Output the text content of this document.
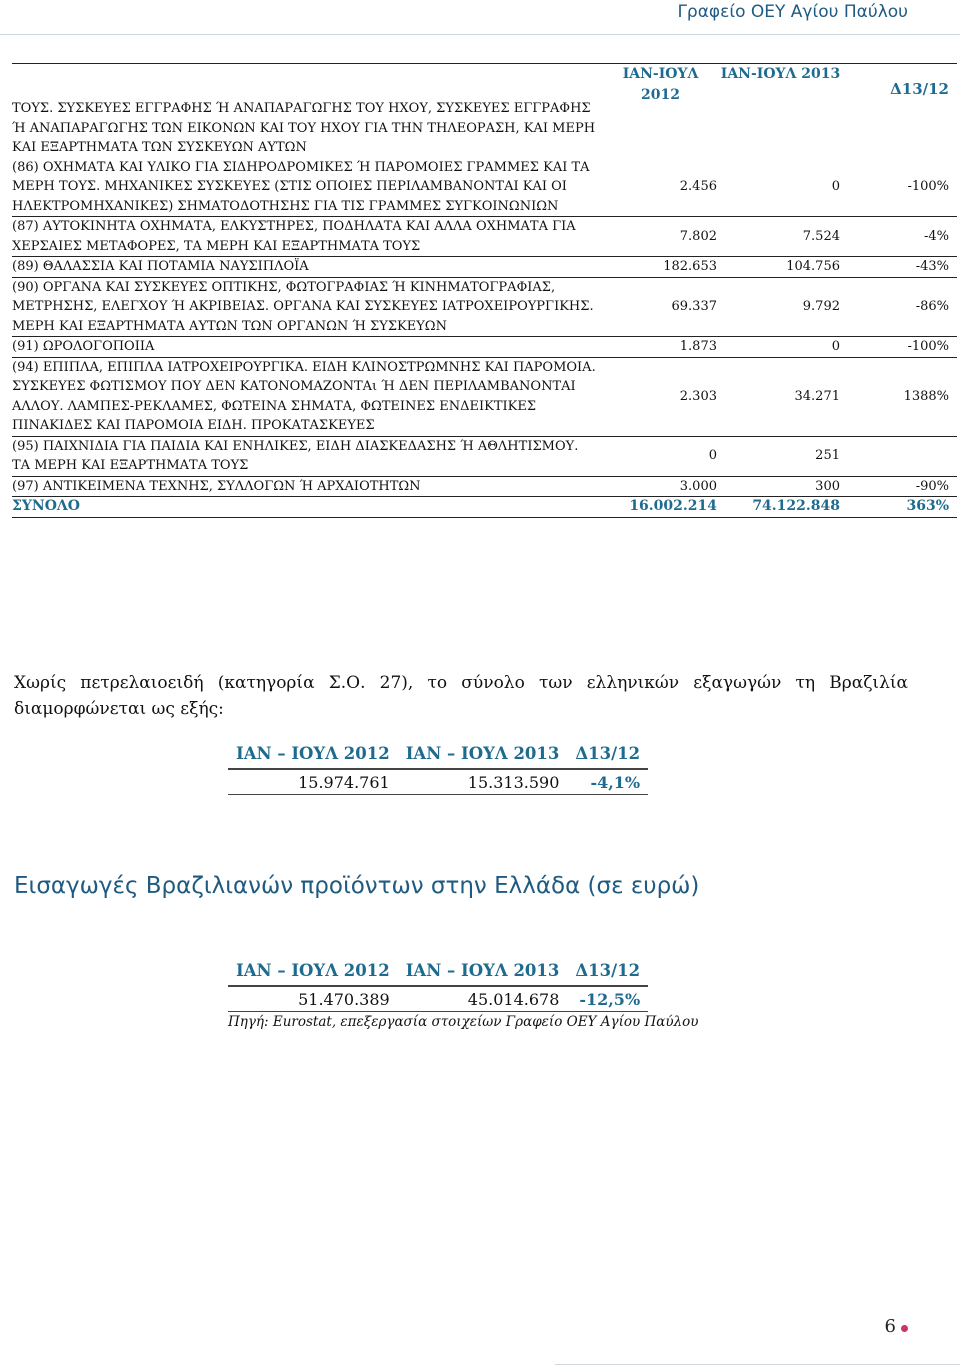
Γραφείο ΟΕΥ Αγίου Παύλου
ΤΟΥΣ. ΣΥΣΚΕΥΕΣ ΕΓΓΡΑΦΗΣ Ή ΑΝΑΠΑΡΑΓΩΓΗΣ ΤΟΥ ΗΧΟΥ, ΣΥΣΚΕΥΕΣ ΕΓΓΡΑΦΗΣ Ή ΑΝΑΠΑΡΑΓΩΓΗΣ ΤΩΝ ΕΙΚΟΝΩΝ ΚΑΙ ΤΟΥ ΗΧΟΥ ΓΙΑ ΤΗΝ ΤΗΛΕΟΡΑΣΗ, ΚΑΙ ΜΕΡΗ ΚΑΙ ΕΞΑΡΤΗΜΑΤΑ ΤΩΝ ΣΥΣΚΕΥΩΝ ΑΥΤΩΝ	ΙΑΝ-ΙΟΥΛ 2012	ΙΑΝ-ΙΟΥΛ 2013	Δ13/12
(86) ΟΧΗΜΑΤΑ ΚΑΙ ΥΛΙΚΟ ΓΙΑ ΣΙΔΗΡΟΔΡΟΜΙΚΕΣ Ή ΠΑΡΟΜΟΙΕΣ ΓΡΑΜΜΕΣ ΚΑΙ ΤΑ ΜΕΡΗ ΤΟΥΣ. ΜΗΧΑΝΙΚΕΣ ΣΥΣΚΕΥΕΣ (ΣΤΙΣ ΟΠΟΙΕΣ ΠΕΡΙΛΑΜΒΑΝΟΝΤΑΙ ΚΑΙ ΟΙ ΗΛΕΚΤΡΟΜΗΧΑΝΙΚΕΣ) ΣΗΜΑΤΟΔΟΤΗΣΗΣ ΓΙΑ ΤΙΣ ΓΡΑΜΜΕΣ ΣΥΓΚΟΙΝΩΝΙΩΝ	2.456	0	-100%
(87) ΑΥΤΟΚΙΝΗΤΑ ΟΧΗΜΑΤΑ, ΕΛΚΥΣΤΗΡΕΣ, ΠΟΔΗΛΑΤΑ ΚΑΙ ΑΛΛΑ ΟΧΗΜΑΤΑ ΓΙΑ ΧΕΡΣΑΙΕΣ ΜΕΤΑΦΟΡΕΣ, ΤΑ ΜΕΡΗ ΚΑΙ ΕΞΑΡΤΗΜΑΤΑ ΤΟΥΣ	7.802	7.524	-4%
(89) ΘΑΛΑΣΣΙΑ ΚΑΙ ΠΟΤΑΜΙΑ ΝΑΥΣΙΠΛΟΪΑ	182.653	104.756	-43%
(90) ΟΡΓΑΝΑ ΚΑΙ ΣΥΣΚΕΥΕΣ ΟΠΤΙΚΗΣ, ΦΩΤΟΓΡΑΦΙΑΣ Ή ΚΙΝΗΜΑΤΟΓΡΑΦΙΑΣ, ΜΕΤΡΗΣΗΣ, ΕΛΕΓΧΟΥ Ή ΑΚΡΙΒΕΙΑΣ. ΟΡΓΑΝΑ ΚΑΙ ΣΥΣΚΕΥΕΣ ΙΑΤΡΟΧΕΙΡΟΥΡΓΙΚΗΣ. ΜΕΡΗ ΚΑΙ ΕΞΑΡΤΗΜΑΤΑ ΑΥΤΩΝ ΤΩΝ ΟΡΓΑΝΩΝ Ή ΣΥΣΚΕΥΩΝ	69.337	9.792	-86%
(91) ΩΡΟΛΟΓΟΠΟΙΙΑ	1.873	0	-100%
(94) ΕΠΙΠΛΑ, ΕΠΙΠΛΑ ΙΑΤΡΟΧΕΙΡΟΥΡΓΙΚΑ. ΕΙΔΗ ΚΛΙΝΟΣΤΡΩΜΝΗΣ ΚΑΙ ΠΑΡΟΜΟΙΑ. ΣΥΣΚΕΥΕΣ ΦΩΤΙΣΜΟΥ ΠΟΥ ΔΕΝ ΚΑΤΟΝΟΜΑΖΟΝΤΑι Ή ΔΕΝ ΠΕΡΙΛΑΜΒΑΝΟΝΤΑΙ ΑΛΛΟΥ. ΛΑΜΠΕΣ-ΡΕΚΛΑΜΕΣ, ΦΩΤΕΙΝΑ ΣΗΜΑΤΑ, ΦΩΤΕΙΝΕΣ ΕΝΔΕΙΚΤΙΚΕΣ ΠΙΝΑΚΙΔΕΣ ΚΑΙ ΠΑΡΟΜΟΙΑ ΕΙΔΗ. ΠΡΟΚΑΤΑΣΚΕΥΕΣ	2.303	34.271	1388%
(95) ΠΑΙΧΝΙΔΙΑ ΓΙΑ ΠΑΙΔΙΑ ΚΑΙ ΕΝΗΛΙΚΕΣ, ΕΙΔΗ ΔΙΑΣΚΕΔΑΣΗΣ Ή ΑΘΛΗΤΙΣΜΟΥ. ΤΑ ΜΕΡΗ ΚΑΙ ΕΞΑΡΤΗΜΑΤΑ ΤΟΥΣ	0	251	
(97) ΑΝΤΙΚΕΙΜΕΝΑ ΤΕΧΝΗΣ, ΣΥΛΛΟΓΩΝ Ή ΑΡΧΑΙΟΤΗΤΩΝ	3.000	300	-90%
ΣΥΝΟΛΟ	16.002.214	74.122.848	363%
Χωρίς πετρελαιοειδή (κατηγορία Σ.Ο. 27), το σύνολο των ελληνικών εξαγωγών τη Βραζιλία διαμορφώνεται ως εξής:
ΙΑΝ – ΙΟΥΛ 2012	ΙΑΝ – ΙΟΥΛ 2013	Δ13/12
15.974.761	15.313.590	-4,1%
Εισαγωγές Βραζιλιανών προϊόντων στην Ελλάδα (σε ευρώ)
ΙΑΝ – ΙΟΥΛ 2012	ΙΑΝ – ΙΟΥΛ 2013	Δ13/12
51.470.389	45.014.678	-12,5%
Πηγή: Eurostat, επεξεργασία στοιχείων Γραφείο ΟΕΥ Αγίου Παύλου
6
